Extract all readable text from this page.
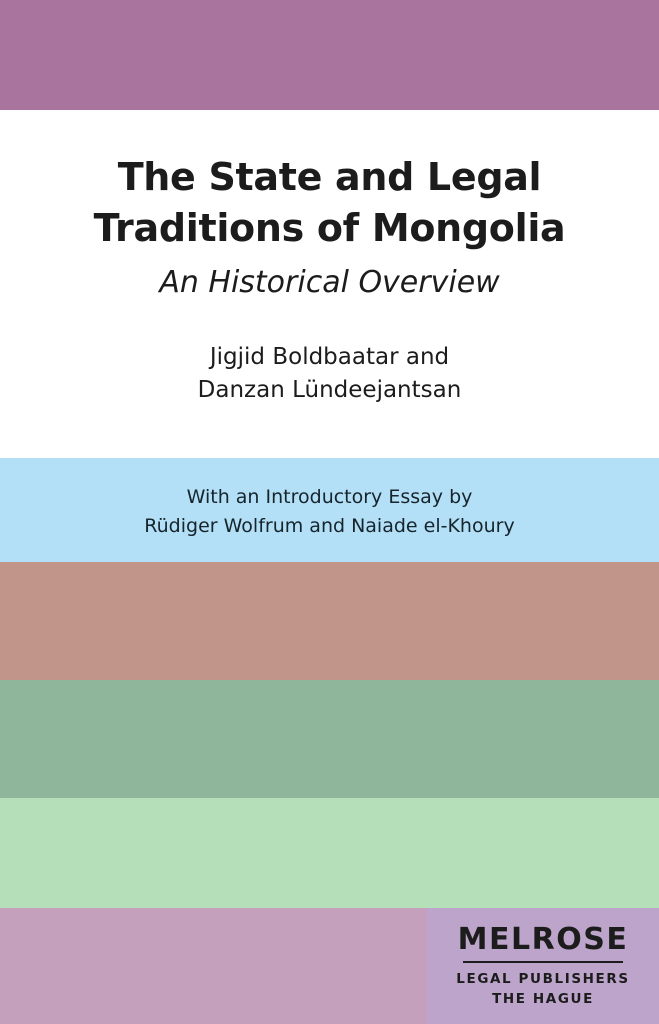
The State and Legal
Traditions of Mongolia
An Historical Overview
Jigjid Boldbaatar and
Danzan Lündeejantsan
With an Introductory Essay by
Rüdiger Wolfrum and Naiade el-Khoury
MELROSE
LEGAL PUBLISHERS
THE HAGUE
